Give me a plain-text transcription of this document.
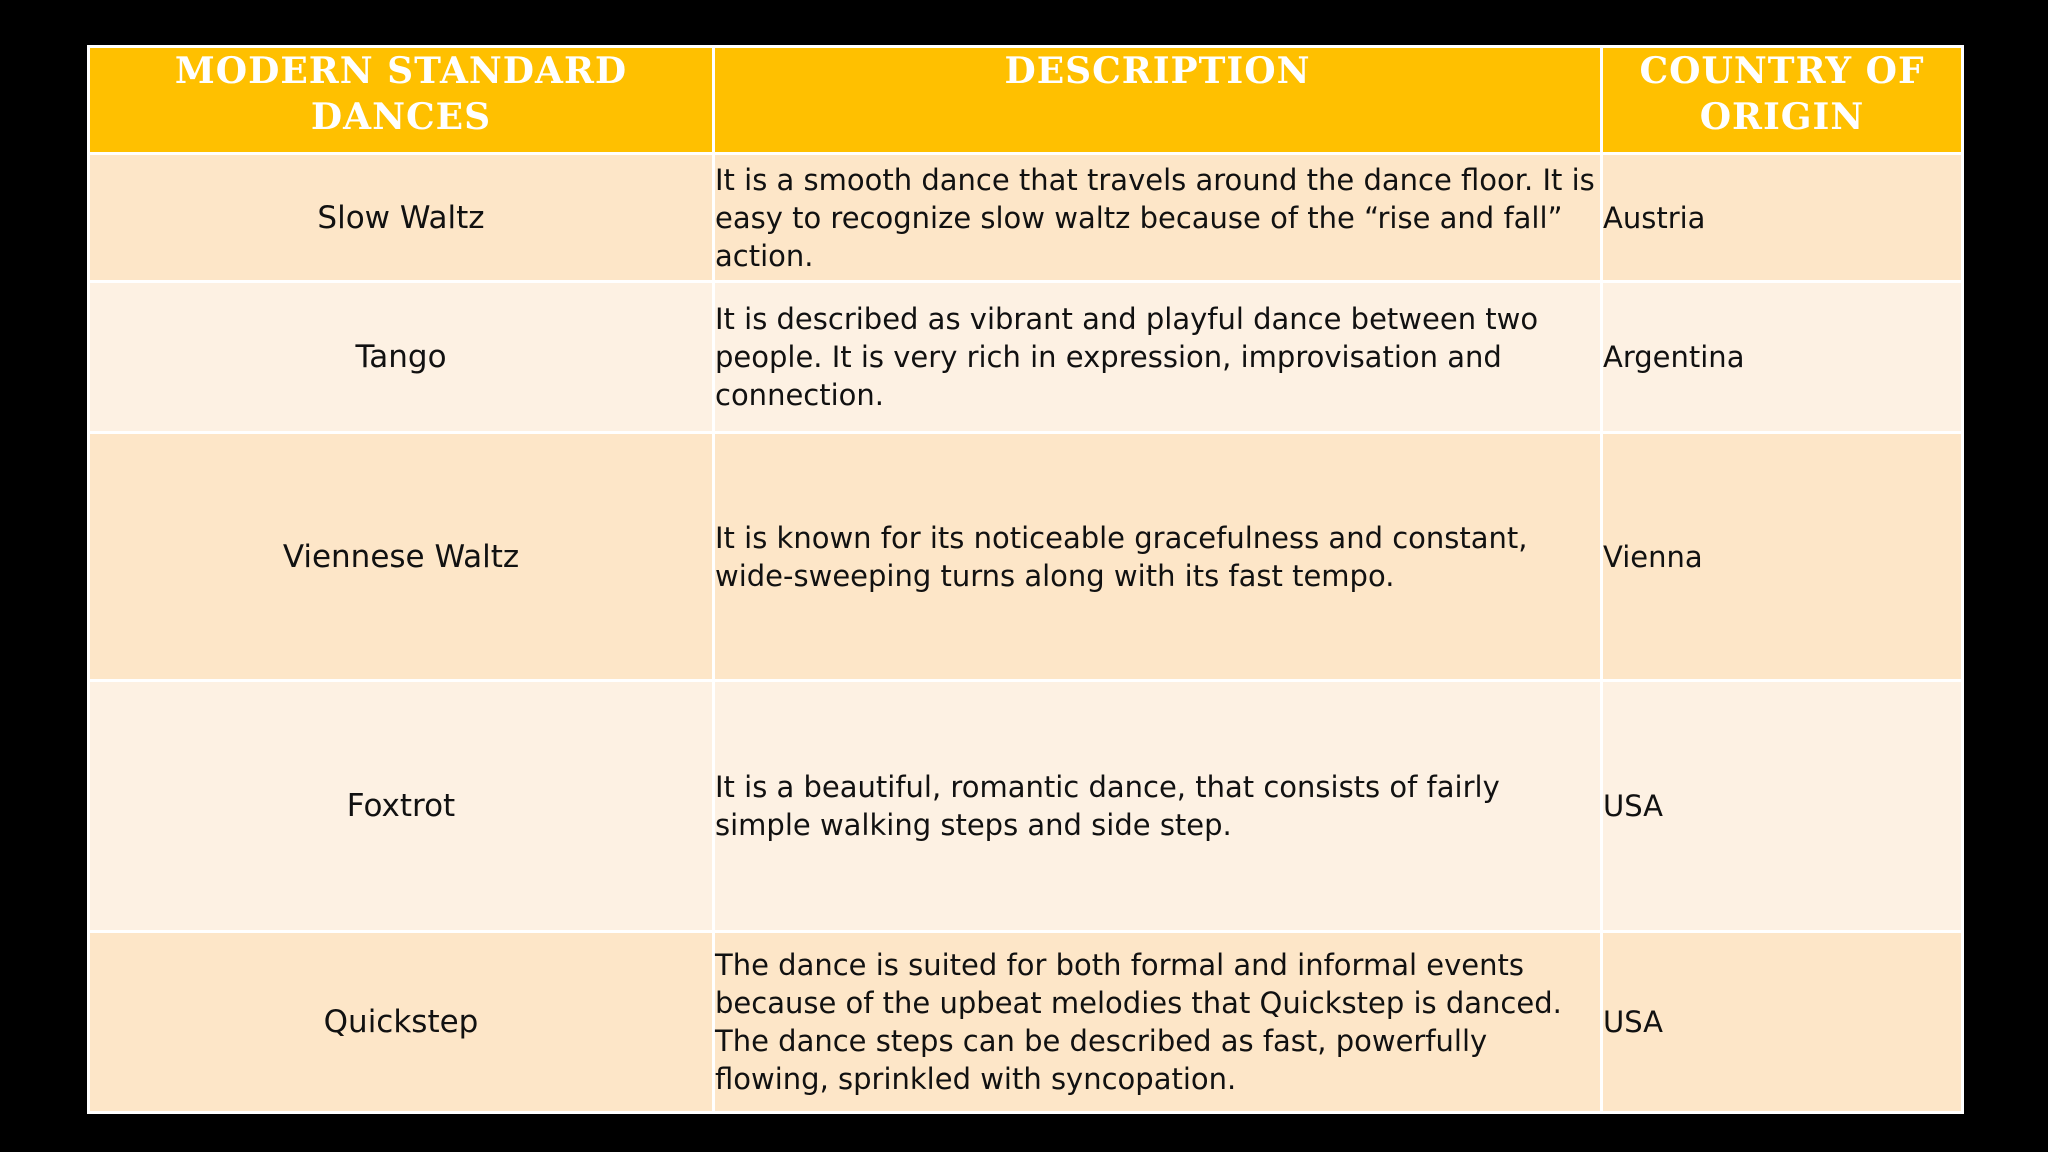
MODERN STANDARD DANCES	DESCRIPTION	COUNTRY OF ORIGIN
Slow Waltz	It is a smooth dance that travels around the dance floor. It is easy to recognize slow waltz because of the “rise and fall” action.	Austria
Tango	It is described as vibrant and playful dance between two people. It is very rich in expression, improvisation and connection.	Argentina
Viennese Waltz	It is known for its noticeable gracefulness and constant, wide-sweeping turns along with its fast tempo.	Vienna
Foxtrot	It is a beautiful, romantic dance, that consists of fairly simple walking steps and side step.	USA
Quickstep	The dance is suited for both formal and informal events because of the upbeat melodies that Quickstep is danced. The dance steps can be described as fast, powerfully flowing, sprinkled with syncopation.	USA
